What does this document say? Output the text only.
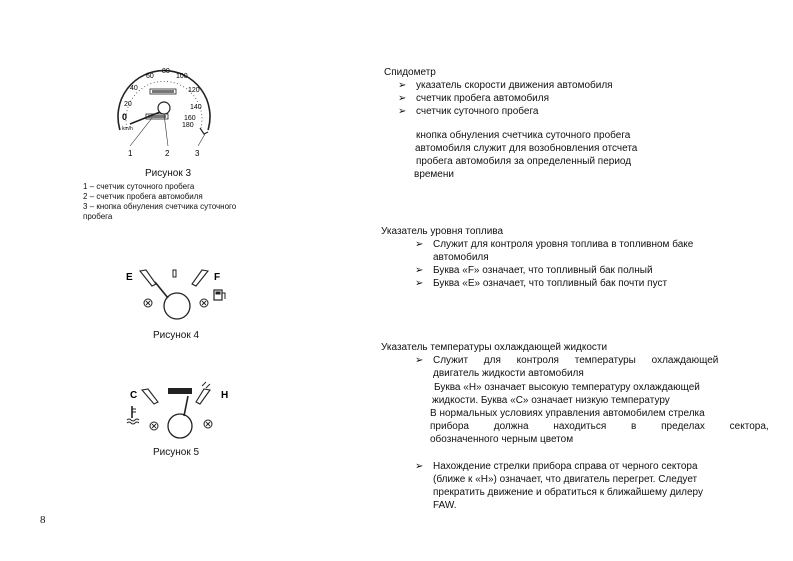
60
80
100
40	120
20	140
160
180
0
km/h
1	2	3
Рисунок 3
1 – счетчик суточного пробега
2 – счетчик пробега автомобиля
3 – кнопка обнуления счетчика суточного пробега
E	F
Рисунок 4
C	H
Рисунок 5
Спидометр
➢ указатель скорости движения автомобиля
➢ счетчик пробега автомобиля
➢ счетчик суточного пробега
кнопка обнуления счетчика суточного пробега
автомобиля служит для возобновления отсчета
пробега автомобиля за определенный период
времени
Указатель уровня топлива
➢ Служит для контроля уровня топлива в топливном баке
автомобиля
➢ Буква «F» означает, что топливный бак полный
➢ Буква «E» означает, что топливный бак почти пуст
Указатель температуры охлаждающей жидкости
➢ Служит для контроля температуры охлаждающей
двигатель жидкости автомобиля
Буква «H» означает высокую температуру охлаждающей
жидкости. Буква «C» означает низкую температуру
В нормальных условиях управления автомобилем стрелка
прибора должна находиться в пределах сектора,
обозначенного черным цветом
➢ Нахождение стрелки прибора справа от черного сектора
(ближе к «H») означает, что двигатель перегрет. Следует
прекратить движение и обратиться к ближайшему дилеру
FAW.
8
